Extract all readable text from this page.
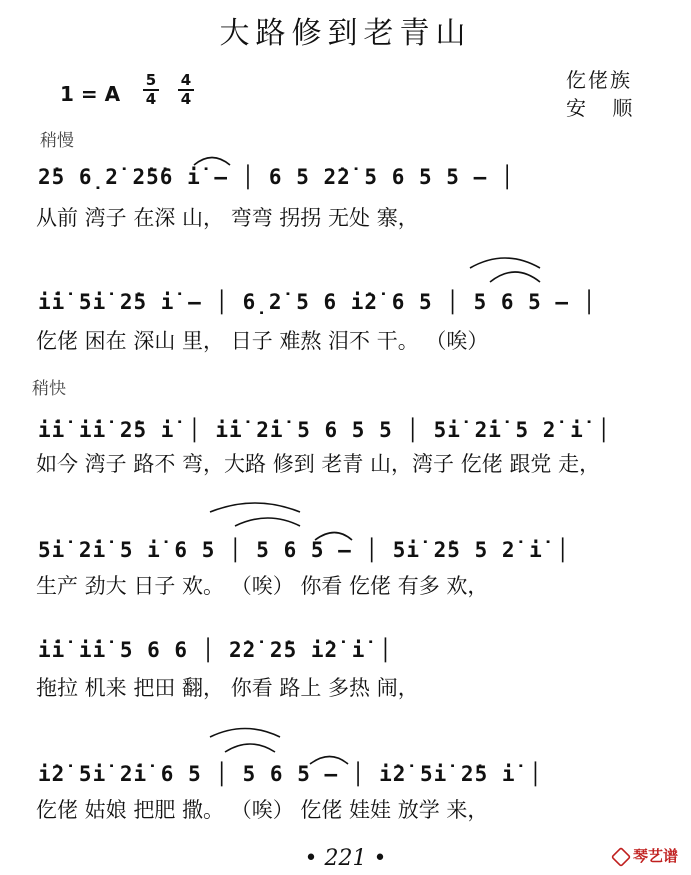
大路修到老青山
1 = A $\frac{5}{4} \frac{4}{4}$	仡佬族
安 顺
稍慢
稍快
2̇5 6̣2̇ 2̇5̇6 i̇ – │ 6 5 2̇2̇ 5 6 5 5 – │
从前 湾子 在深 山， 弯弯 拐拐 无处 寨，
i̇i̇ 5i̇ 2̇5 i̇ – │ 6̣2̇ 5 6 i̇2̇ 6 5 │ 5 6 5 – │
仡佬 困在 深山 里， 日子 难熬 泪不 干。 （唉）
i̇i̇ i̇i̇ 2̇5 i̇ │ i̇i̇ 2̇i̇ 5 6 5 5 │ 5i̇ 2̇i̇ 5 2̇ i̇ │
如今 湾子 路不 弯，大路 修到 老青 山，湾子 仡佬 跟党 走，
5i̇ 2̇i̇ 5 i̇ 6 5 │ 5 6 5 – │ 5i̇ 2̇5 5 2̇ i̇ │
生产 劲大 日子 欢。 （唉） 你看 仡佬 有多 欢，
i̇i̇ i̇i̇ 5 6 6 │ 2̇2̇ 2̇5 i̇2̇ i̇ │
拖拉 机来 把田 翻， 你看 路上 多热 闹，
i̇2̇ 5i̇ 2̇i̇ 6 5 │ 5 6 5 – │ i̇2̇ 5i̇ 2̇5 i̇ │
仡佬 姑娘 把肥 撒。 （唉） 仡佬 娃娃 放学 来，
• 221 •	琴艺谱
